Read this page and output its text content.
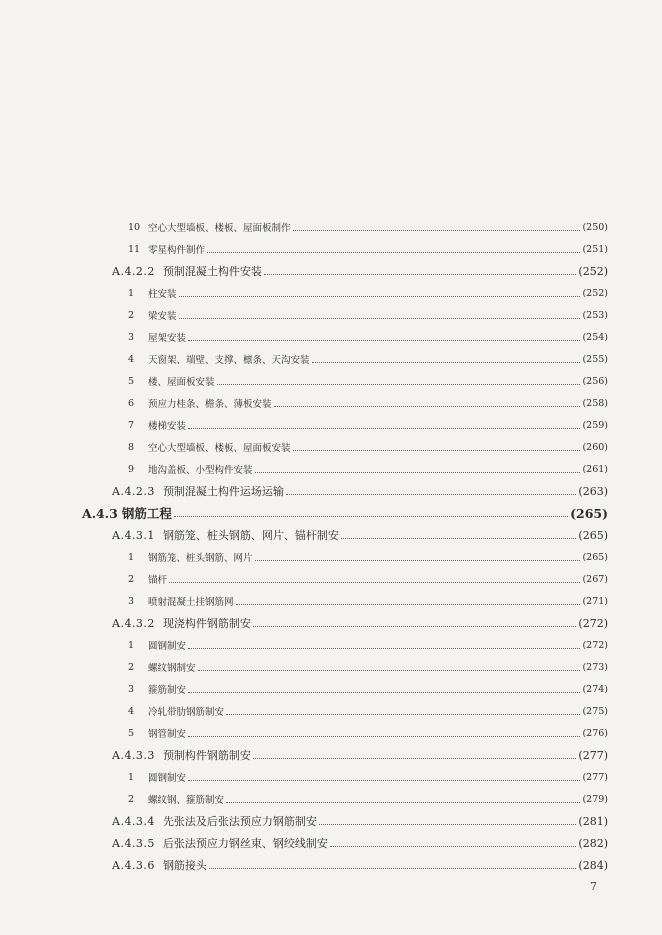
10 空心大型墙板、楼板、屋面板制作	(250)
11 零星构件制作	(251)
A.4.2.2 预制混凝土构件安装	(252)
1	柱安装	(252)
2	梁安装	(253)
3	屋架安装	(254)
4	天窗架、端壁、支撑、檩条、天沟安装	(255)
5	楼、屋面板安装	(256)
6	预应力桂条、檐条、薄板安装	(258)
7	楼梯安装	(259)
8	空心大型墙板、楼板、屋面板安装	(260)
9	地沟盖板、小型构件安装	(261)
A.4.2.3 预制混凝土构件运场运输	(263)
A.4.3 钢筋工程	(265)
A.4.3.1 钢筋笼、桩头钢筋、网片、锚杆制安	(265)
1	钢筋笼、桩头钢筋、网片	(265)
2	锚杆	(267)
3	喷射混凝土挂钢筋网	(271)
A.4.3.2 现浇构件钢筋制安	(272)
1	圆钢制安	(272)
2	螺纹钢制安	(273)
3	箍筋制安	(274)
4	冷轧带肋钢筋制安	(275)
5	钢管制安	(276)
A.4.3.3 预制构件钢筋制安	(277)
1	圆钢制安	(277)
2	螺纹钢、箍筋制安	(279)
A.4.3.4 先张法及后张法预应力钢筋制安	(281)
A.4.3.5 后张法预应力钢丝束、钢绞线制安	(282)
A.4.3.6 钢筋接头	(284)
7
